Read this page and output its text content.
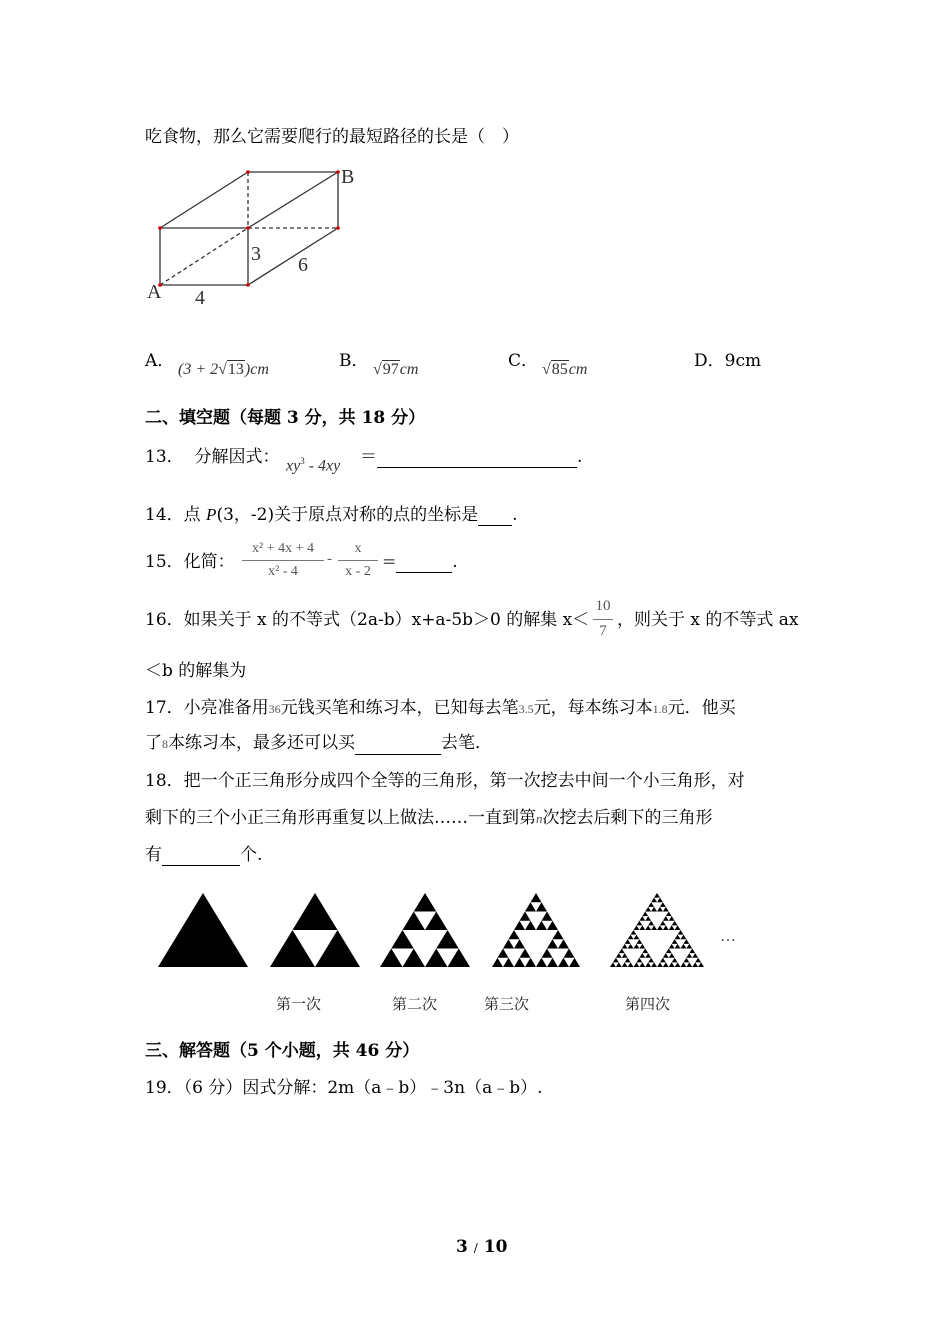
吃食物，那么它需要爬行的最短路径的长是（　）
B
A 4
3 6
A． (3 + 2√13)cm	B． √97cm	C． √85cm	D．9cm
二、填空题（每题 3 分，共 18 分）
13． 分解因式： $xy^3 - 4xy$ ＝	.
14．点 P(3，-2)关于原点对称的点的坐标是 .
15．化简：
x² + 4x + 4
x² - 4
-
x
x - 2 =	.
16．如果关于 x 的不等式（2a-b）x+a-5b＞0 的解集 x＜
10
7
，则关于 x 的不等式 ax
＜b 的解集为
17．小亮准备用36元钱买笔和练习本，已知每去笔3.5元，每本练习本1.8元．他买
了8本练习本，最多还可以买	去笔．
18．把一个正三角形分成四个全等的三角形，第一次挖去中间一个小三角形，对
剩下的三个小正三角形再重复以上做法……一直到第n次挖去后剩下的三角形
有	个.
…
第一次	第二次	第三次	第四次
三、解答题（5 个小题，共 46 分）
19．（6 分）因式分解：2m（a﹣b）﹣3n（a﹣b）.
3 / 10
